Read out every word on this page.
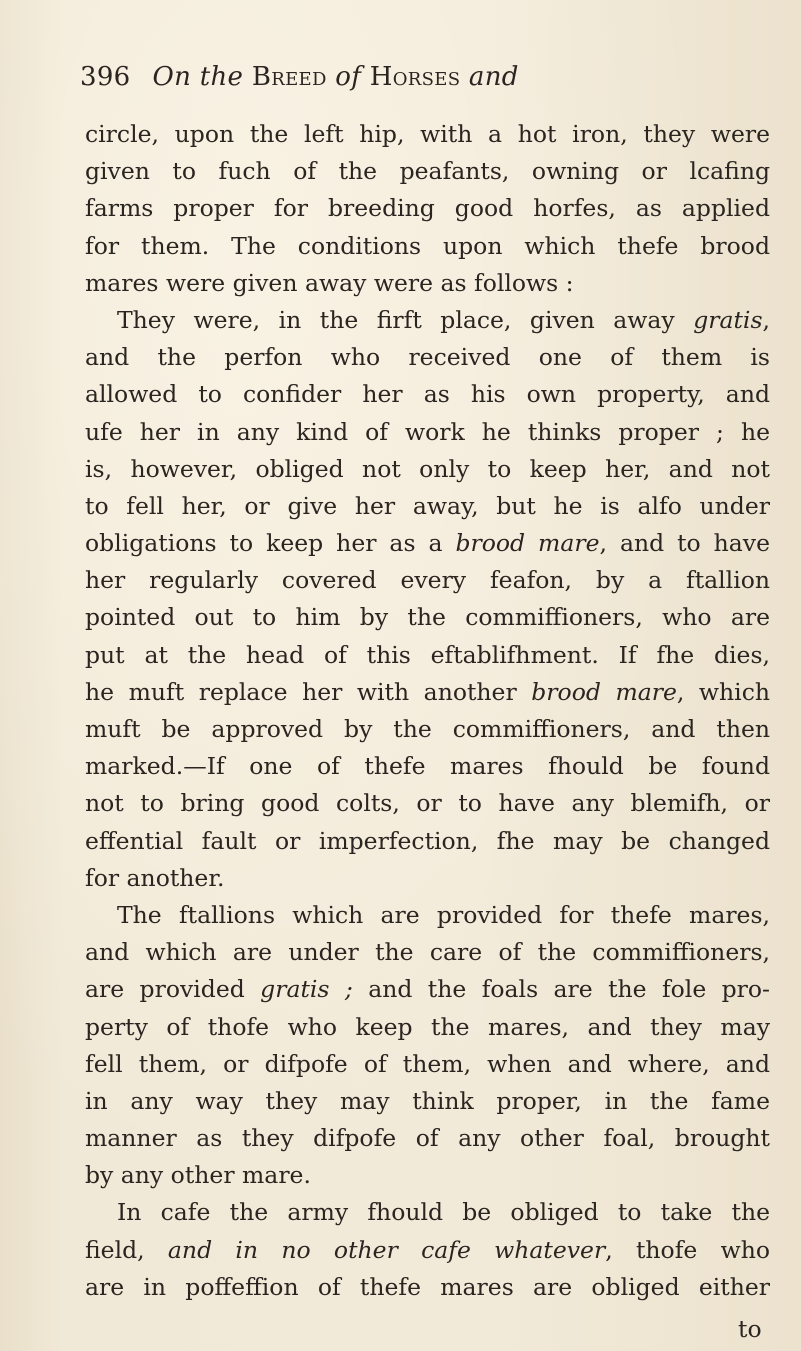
396 On the Breed of Horses and
circle, upon the left hip, with a hot iron, they were
given to fuch of the peafants, owning or lcafing
farms proper for breeding good horfes, as applied
for them. The conditions upon which thefe brood
mares were given away were as follows :
They were, in the firft place, given away gratis,
and the perfon who received one of them is
allowed to confider her as his own property, and
ufe her in any kind of work he thinks proper ; he
is, however, obliged not only to keep her, and not
to fell her, or give her away, but he is alfo under
obligations to keep her as a brood mare, and to have
her regularly covered every feafon, by a ftallion
pointed out to him by the commiffioners, who are
put at the head of this eftablifhment. If fhe dies,
he muft replace her with another brood mare, which
muft be approved by the commiffioners, and then
marked.—If one of thefe mares fhould be found
not to bring good colts, or to have any blemifh, or
effential fault or imperfection, fhe may be changed
for another.
The ftallions which are provided for thefe mares,
and which are under the care of the commiffioners,
are provided gratis ; and the foals are the fole pro-
perty of thofe who keep the mares, and they may
fell them, or difpofe of them, when and where, and
in any way they may think proper, in the fame
manner as they difpofe of any other foal, brought
by any other mare.
In cafe the army fhould be obliged to take the
field, and in no other cafe whatever, thofe who
are in poffeffion of thefe mares are obliged either
to
